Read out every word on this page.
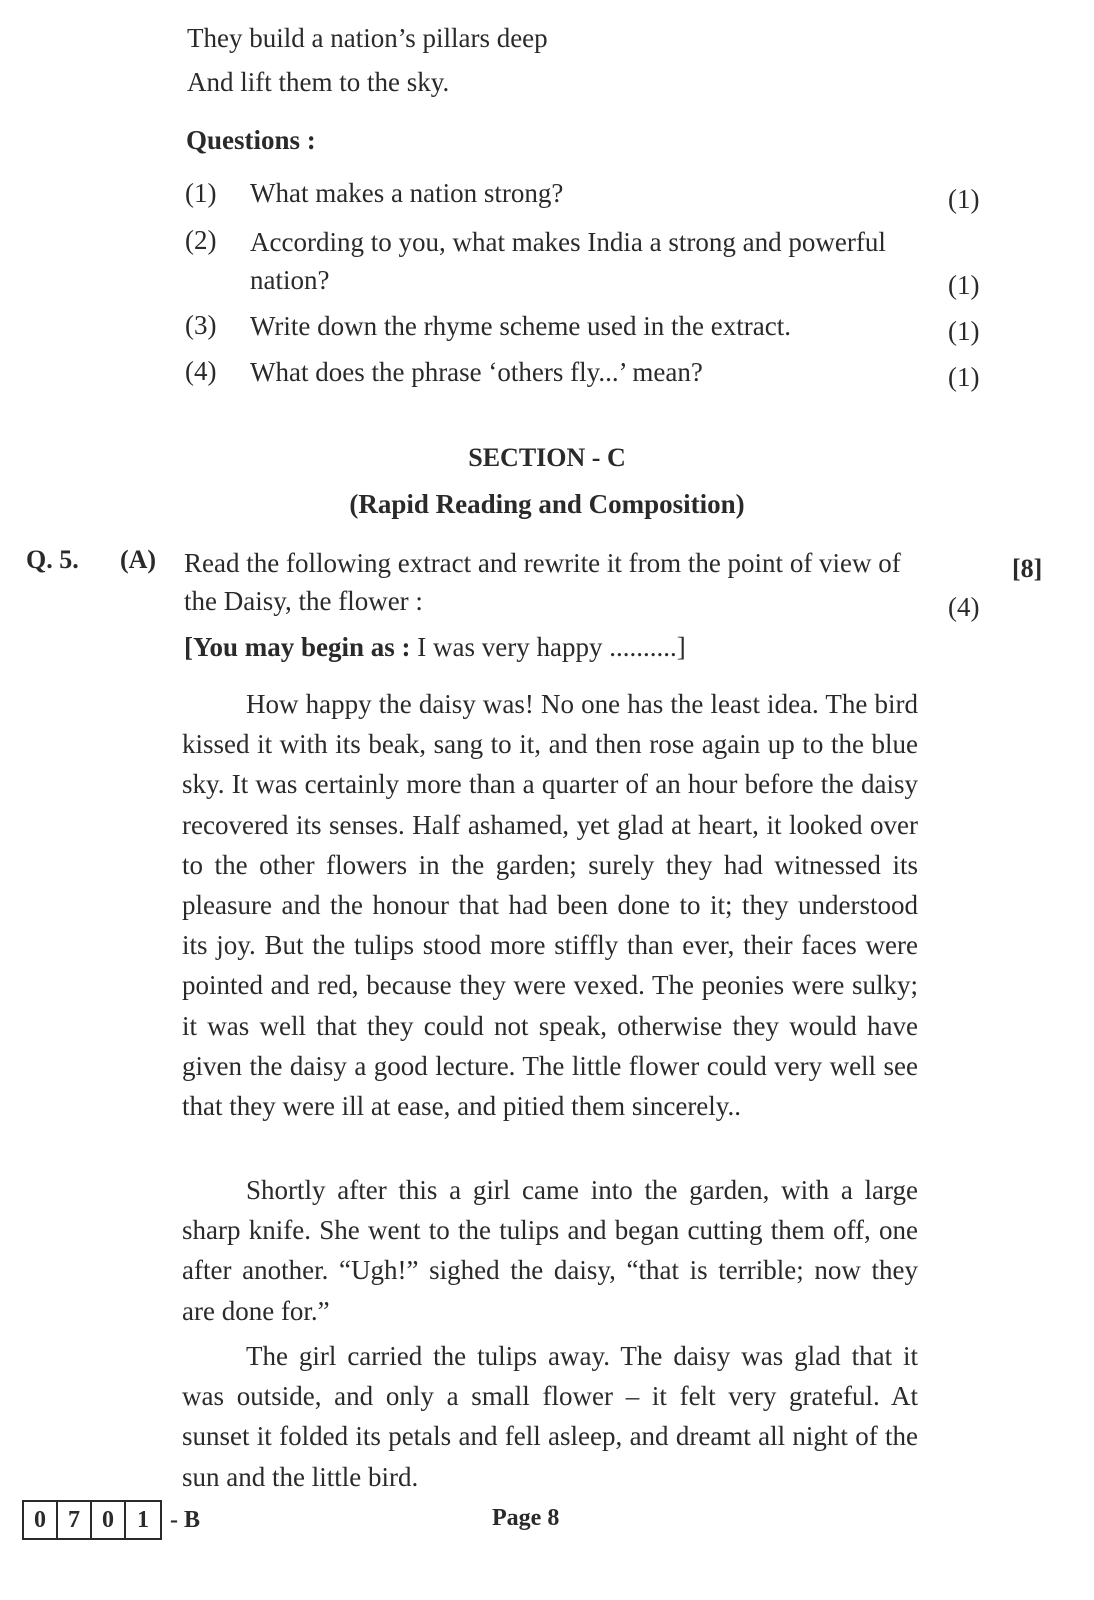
They build a nation’s pillars deep
And lift them to the sky.
Questions :
(1) What makes a nation strong?	(1)
(2) According to you, what makes India a strong and powerful nation?	(1)
(3) Write down the rhyme scheme used in the extract.	(1)
(4) What does the phrase ‘others fly...’ mean?	(1)
SECTION - C
(Rapid Reading and Composition)
Q. 5. (A) Read the following extract and rewrite it from the point of view of the Daisy, the flower :
[8]
(4)
[You may begin as : I was very happy ..........]
How happy the daisy was! No one has the least idea. The bird kissed it with its beak, sang to it, and then rose again up to the blue sky. It was certainly more than a quarter of an hour before the daisy recovered its senses. Half ashamed, yet glad at heart, it looked over to the other flowers in the garden; surely they had witnessed its pleasure and the honour that had been done to it; they understood its joy. But the tulips stood more stiffly than ever, their faces were pointed and red, because they were vexed. The peonies were sulky; it was well that they could not speak, otherwise they would have given the daisy a good lecture. The little flower could very well see that they were ill at ease, and pitied them sincerely..
Shortly after this a girl came into the garden, with a large sharp knife. She went to the tulips and began cutting them off, one after another. “Ugh!” sighed the daisy, “that is terrible; now they are done for.”
The girl carried the tulips away. The daisy was glad that it was outside, and only a small flower – it felt very grateful. At sunset it folded its petals and fell asleep, and dreamt all night of the sun and the little bird.
0 7 0 1 - B	Page 8
